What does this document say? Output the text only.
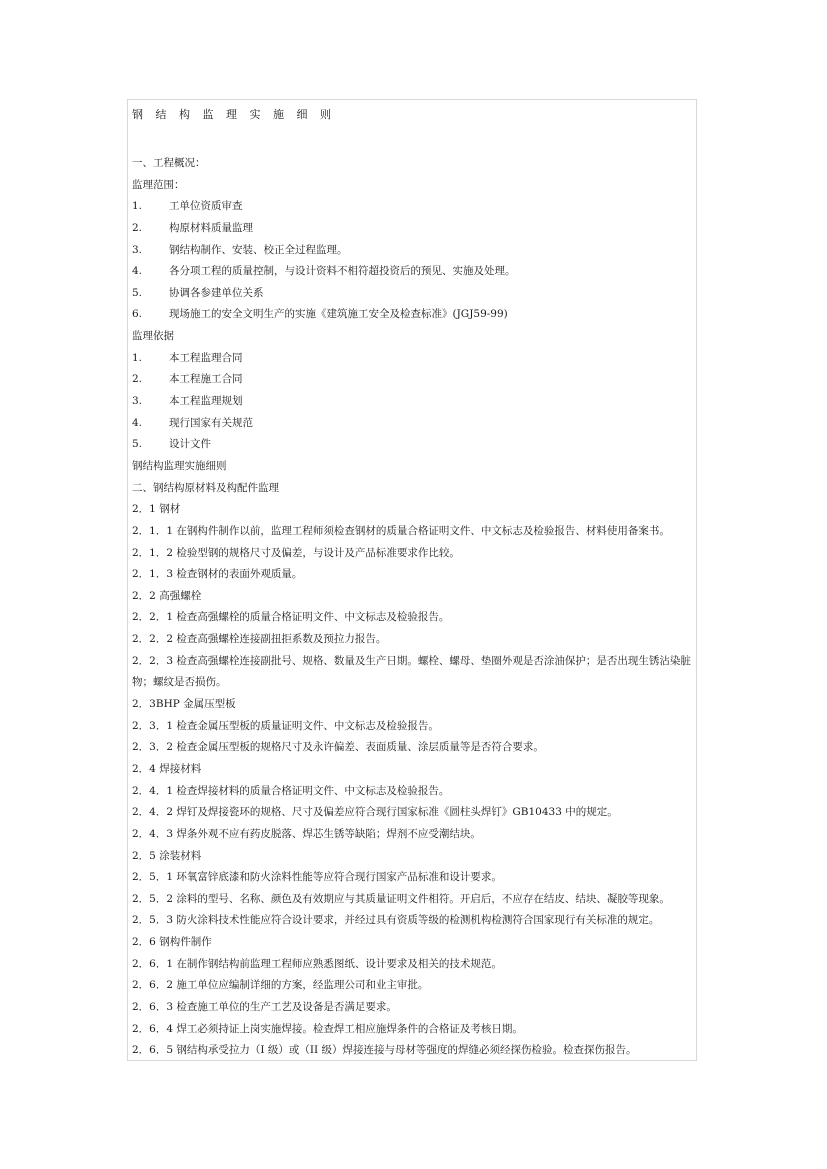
钢 结 构 监 理 实 施 细 则
一、工程概况：
监理范围：
1.	工单位资质审查
2.	构原材料质量监理
3.	钢结构制作、安装、校正全过程监理。
4.	各分项工程的质量控制，与设计资料不相符超投资后的预见、实施及处理。
5.	协调各参建单位关系
6.	现场施工的安全文明生产的实施《建筑施工安全及检查标准》(JGJ59-99)
监理依据
1.	本工程监理合同
2.	本工程施工合同
3.	本工程监理规划
4.	现行国家有关规范
5.	设计文件
钢结构监理实施细则
二、钢结构原材料及构配件监理
2．1 钢材
2．1．1 在钢构件制作以前，监理工程师须检查钢材的质量合格证明文件、中文标志及检验报告、材料使用备案书。
2．1．2 检验型钢的规格尺寸及偏差，与设计及产品标准要求作比较。
2．1．3 检查钢材的表面外观质量。
2．2 高强螺栓
2．2．1 检查高强螺栓的质量合格证明文件、中文标志及检验报告。
2．2．2 检查高强螺栓连接副扭拒系数及预拉力报告。
2．2．3 检查高强螺栓连接副批号、规格、数量及生产日期。螺栓、螺母、垫圈外观是否涂油保护；是否出现生锈沾染脏物；螺纹是否损伤。
2．3BHP 金属压型板
2．3．1 检查金属压型板的质量证明文件、中文标志及检验报告。
2．3．2 检查金属压型板的规格尺寸及永许偏差、表面质量、涂层质量等是否符合要求。
2．4 焊接材料
2．4．1 检查焊接材料的质量合格证明文件、中文标志及检验报告。
2．4．2 焊钉及焊接瓷环的规格、尺寸及偏差应符合现行国家标准《圆柱头焊钉》GB10433 中的规定。
2．4．3 焊条外观不应有药皮脱落、焊芯生锈等缺陷；焊剂不应受潮结块。
2．5 涂装材料
2．5．1 环氧富锌底漆和防火涂料性能等应符合现行国家产品标准和设计要求。
2．5．2 涂料的型号、名称、颜色及有效期应与其质量证明文件相符。开启后，不应存在结皮、结块、凝胶等现象。
2．5．3 防火涂料技术性能应符合设计要求，并经过具有资质等级的检测机构检测符合国家现行有关标准的规定。
2．6 钢构件制作
2．6．1 在制作钢结构前监理工程师应熟悉图纸、设计要求及相关的技术规范。
2．6．2 施工单位应编制详细的方案，经监理公司和业主审批。
2．6．3 检查施工单位的生产工艺及设备是否满足要求。
2．6．4 焊工必须持证上岗实施焊接。检查焊工相应施焊条件的合格证及考核日期。
2．6．5 钢结构承受拉力（I 级）或（II 级）焊接连接与母材等强度的焊缝必须经探伤检验。检查探伤报告。
